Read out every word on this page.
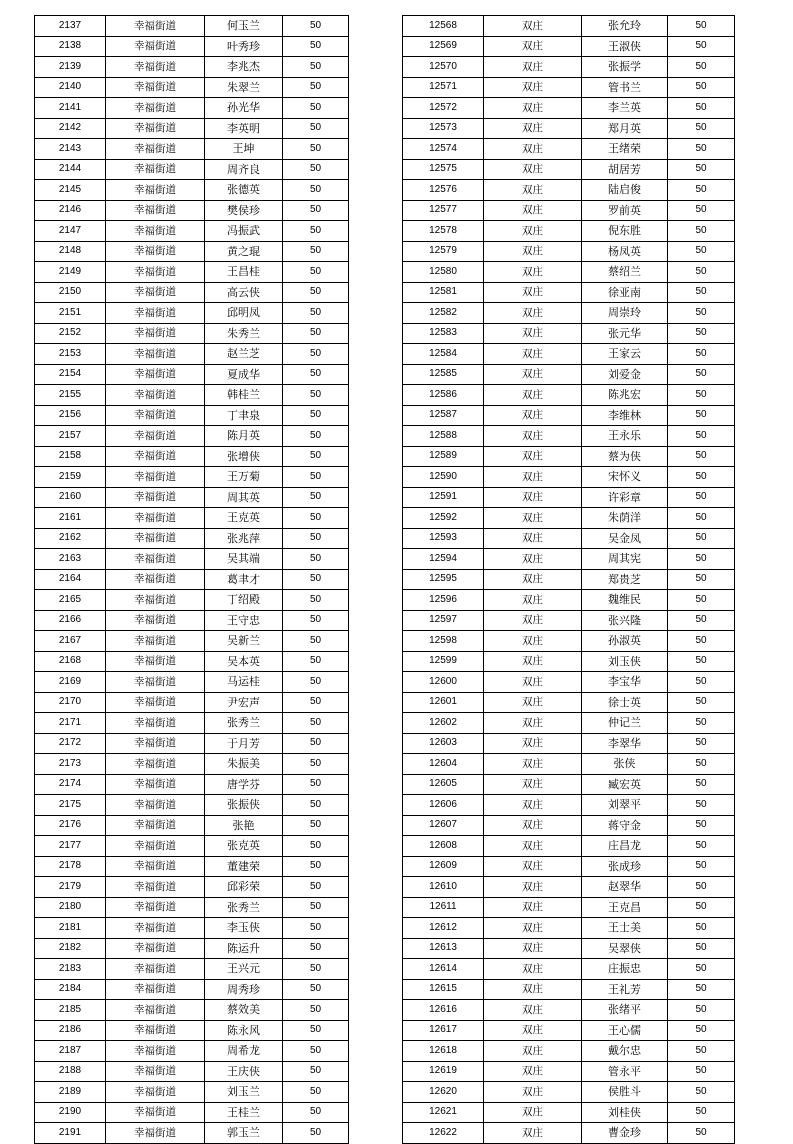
2137	幸福街道	何玉兰	50
2138	幸福街道	叶秀珍	50
2139	幸福街道	李兆杰	50
2140	幸福街道	朱翠兰	50
2141	幸福街道	孙光华	50
2142	幸福街道	李英明	50
2143	幸福街道	王坤	50
2144	幸福街道	周齐良	50
2145	幸福街道	张德英	50
2146	幸福街道	樊侯珍	50
2147	幸福街道	冯振武	50
2148	幸福街道	黄之琨	50
2149	幸福街道	王昌桂	50
2150	幸福街道	高云侠	50
2151	幸福街道	邱明凤	50
2152	幸福街道	朱秀兰	50
2153	幸福街道	赵兰芝	50
2154	幸福街道	夏成华	50
2155	幸福街道	韩桂兰	50
2156	幸福街道	丁聿泉	50
2157	幸福街道	陈月英	50
2158	幸福街道	张增侠	50
2159	幸福街道	王万菊	50
2160	幸福街道	周其英	50
2161	幸福街道	王克英	50
2162	幸福街道	张兆萍	50
2163	幸福街道	吴其端	50
2164	幸福街道	葛聿才	50
2165	幸福街道	丁绍殿	50
2166	幸福街道	王守忠	50
2167	幸福街道	吴新兰	50
2168	幸福街道	吴本英	50
2169	幸福街道	马运桂	50
2170	幸福街道	尹宏声	50
2171	幸福街道	张秀兰	50
2172	幸福街道	于月芳	50
2173	幸福街道	朱振美	50
2174	幸福街道	唐学芬	50
2175	幸福街道	张振侠	50
2176	幸福街道	张艳	50
2177	幸福街道	张克英	50
2178	幸福街道	董建荣	50
2179	幸福街道	邱彩荣	50
2180	幸福街道	张秀兰	50
2181	幸福街道	李玉侠	50
2182	幸福街道	陈运升	50
2183	幸福街道	王兴元	50
2184	幸福街道	周秀珍	50
2185	幸福街道	蔡效美	50
2186	幸福街道	陈永风	50
2187	幸福街道	周希龙	50
2188	幸福街道	王庆侠	50
2189	幸福街道	刘玉兰	50
2190	幸福街道	王桂兰	50
2191	幸福街道	郭玉兰	50
12568	双庄	张允玲	50
12569	双庄	王淑侠	50
12570	双庄	张振学	50
12571	双庄	管书兰	50
12572	双庄	李兰英	50
12573	双庄	郑月英	50
12574	双庄	王绪荣	50
12575	双庄	胡居芳	50
12576	双庄	陆启俊	50
12577	双庄	罗前英	50
12578	双庄	倪东胜	50
12579	双庄	杨凤英	50
12580	双庄	蔡绍兰	50
12581	双庄	徐亚南	50
12582	双庄	周崇玲	50
12583	双庄	张元华	50
12584	双庄	王家云	50
12585	双庄	刘爱金	50
12586	双庄	陈兆宏	50
12587	双庄	李维林	50
12588	双庄	王永乐	50
12589	双庄	蔡为侠	50
12590	双庄	宋怀义	50
12591	双庄	许彩章	50
12592	双庄	朱荫洋	50
12593	双庄	吴金凤	50
12594	双庄	周其宪	50
12595	双庄	郑贵芝	50
12596	双庄	魏维民	50
12597	双庄	张兴隆	50
12598	双庄	孙淑英	50
12599	双庄	刘玉侠	50
12600	双庄	李宝华	50
12601	双庄	徐士英	50
12602	双庄	仲记兰	50
12603	双庄	李翠华	50
12604	双庄	张侠	50
12605	双庄	臧宏英	50
12606	双庄	刘翠平	50
12607	双庄	蒋守金	50
12608	双庄	庄昌龙	50
12609	双庄	张成珍	50
12610	双庄	赵翠华	50
12611	双庄	王克昌	50
12612	双庄	王士美	50
12613	双庄	吴翠侠	50
12614	双庄	庄振忠	50
12615	双庄	王礼芳	50
12616	双庄	张绪平	50
12617	双庄	王心儒	50
12618	双庄	戴尔忠	50
12619	双庄	管永平	50
12620	双庄	侯胜斗	50
12621	双庄	刘桂侠	50
12622	双庄	曹金珍	50
